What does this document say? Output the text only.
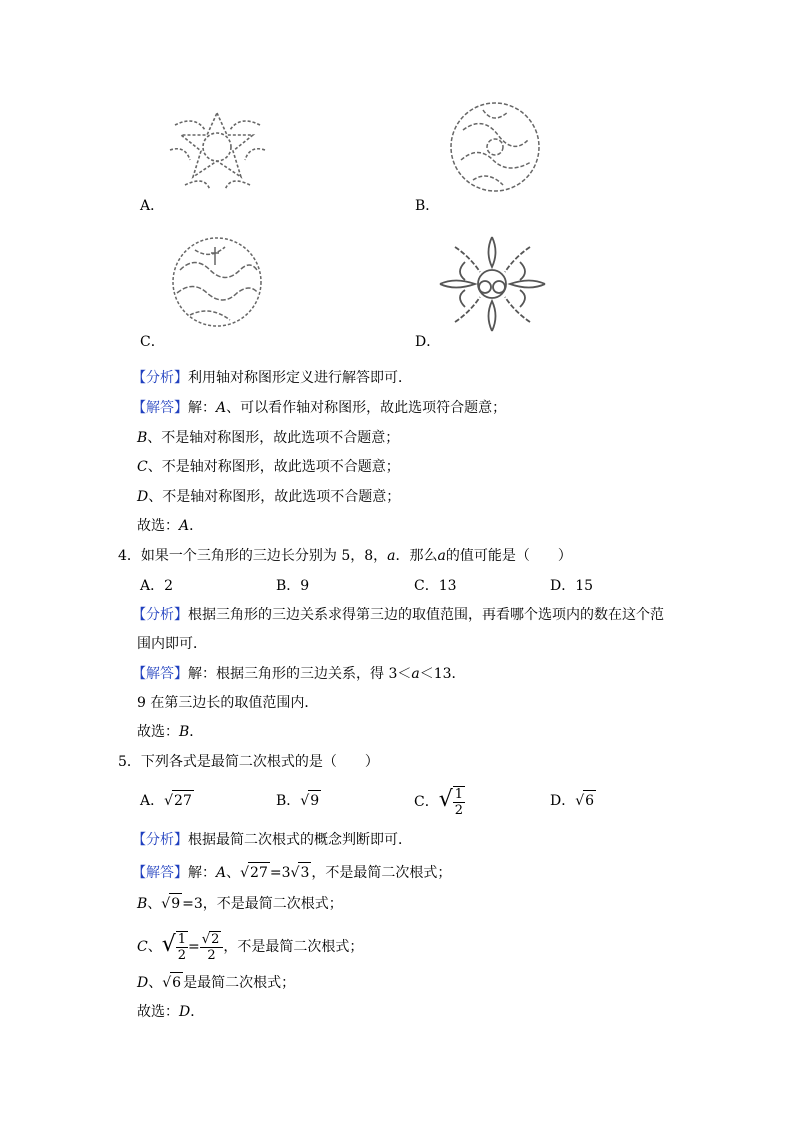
A．	B．
C．	D．
【分析】利用轴对称图形定义进行解答即可．
【解答】解：A、可以看作轴对称图形，故此选项符合题意；
B、不是轴对称图形，故此选项不合题意；
C、不是轴对称图形，故此选项不合题意；
D、不是轴对称图形，故此选项不合题意；
故选：A．
4．如果一个三角形的三边长分别为 5，8，a．那么a的值可能是（　　）
A．2	B．9	C．13	D．15
【分析】根据三角形的三边关系求得第三边的取值范围，再看哪个选项内的数在这个范
围内即可．
【解答】解：根据三角形的三边关系，得 3＜a＜13．
9 在第三边长的取值范围内．
故选：B．
5．下列各式是最简二次根式的是（　　）
A．√27	B．√9	C．√ $\frac{1}{2}$	D．√6
【分析】根据最简二次根式的概念判断即可．
【解答】解：A、√27 =3√3 ，不是最简二次根式；
B、√9 =3，不是最简二次根式；
C、√ $\frac{1}{2} = \frac{√2}{2}$ ，不是最简二次根式；
D、√6 是最简二次根式；
故选：D．
